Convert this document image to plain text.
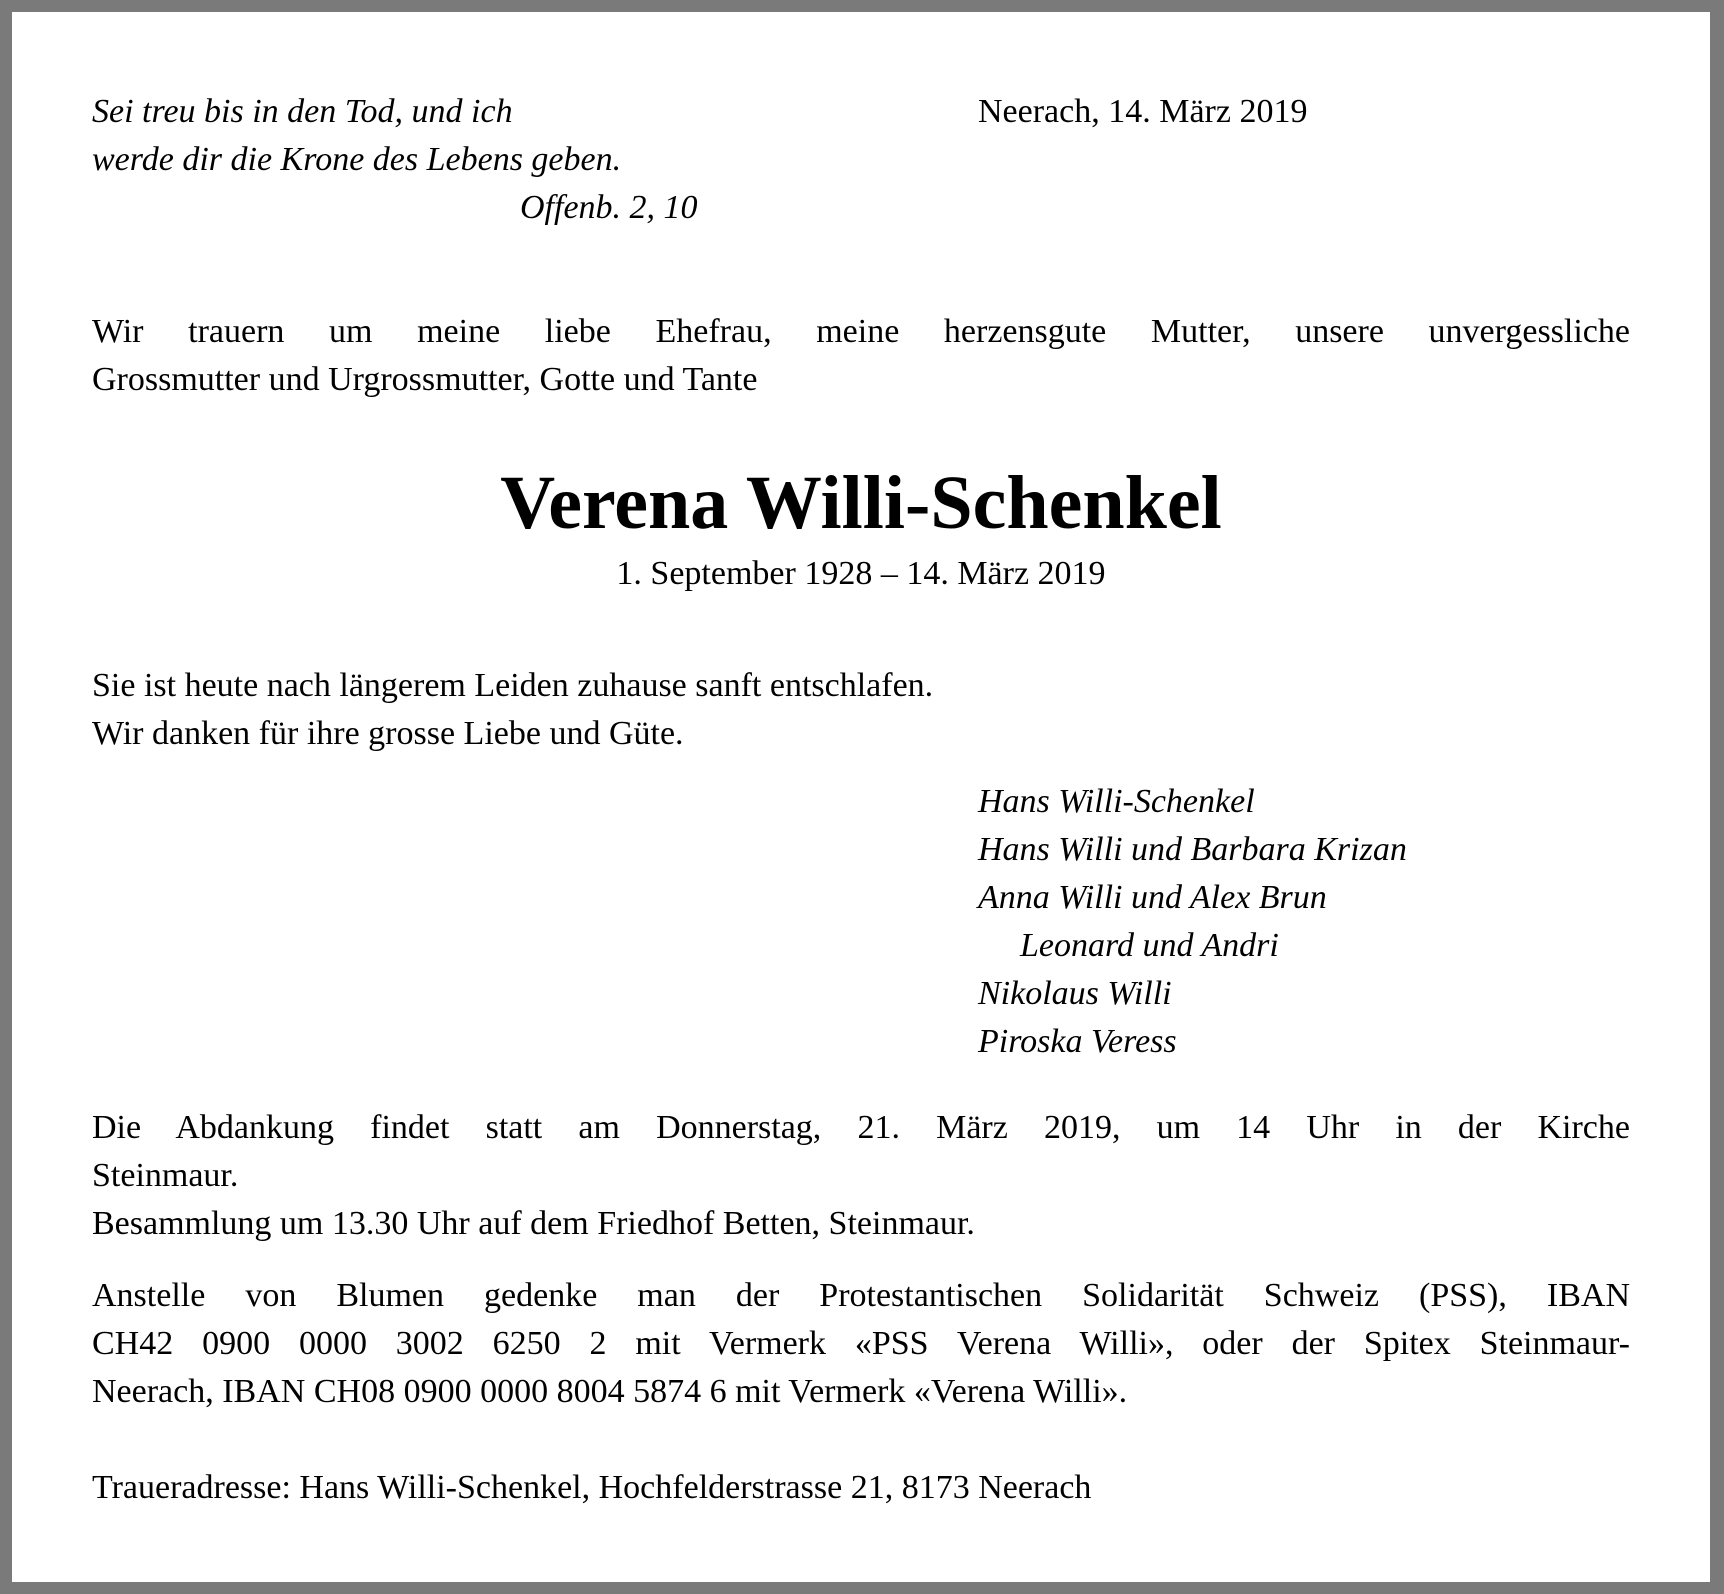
Sei treu bis in den Tod, und ich
werde dir die Krone des Lebens geben.
Offenb. 2, 10
Neerach, 14. März 2019
Wir trauern um meine liebe Ehefrau, meine herzensgute Mutter, unsere unvergessliche
Grossmutter und Urgrossmutter, Gotte und Tante
Verena Willi-Schenkel
1. September 1928 – 14. März 2019
Sie ist heute nach längerem Leiden zuhause sanft entschlafen.
Wir danken für ihre grosse Liebe und Güte.
Hans Willi-Schenkel
Hans Willi und Barbara Krizan
Anna Willi und Alex Brun
Leonard und Andri
Nikolaus Willi
Piroska Veress
Die Abdankung findet statt am Donnerstag, 21. März 2019, um 14 Uhr in der Kirche
Steinmaur.
Besammlung um 13.30 Uhr auf dem Friedhof Betten, Steinmaur.
Anstelle von Blumen gedenke man der Protestantischen Solidarität Schweiz (PSS), IBAN
CH42 0900 0000 3002 6250 2 mit Vermerk «PSS Verena Willi», oder der Spitex Steinmaur-
Neerach, IBAN CH08 0900 0000 8004 5874 6 mit Vermerk «Verena Willi».
Traueradresse: Hans Willi-Schenkel, Hochfelderstrasse 21, 8173 Neerach
